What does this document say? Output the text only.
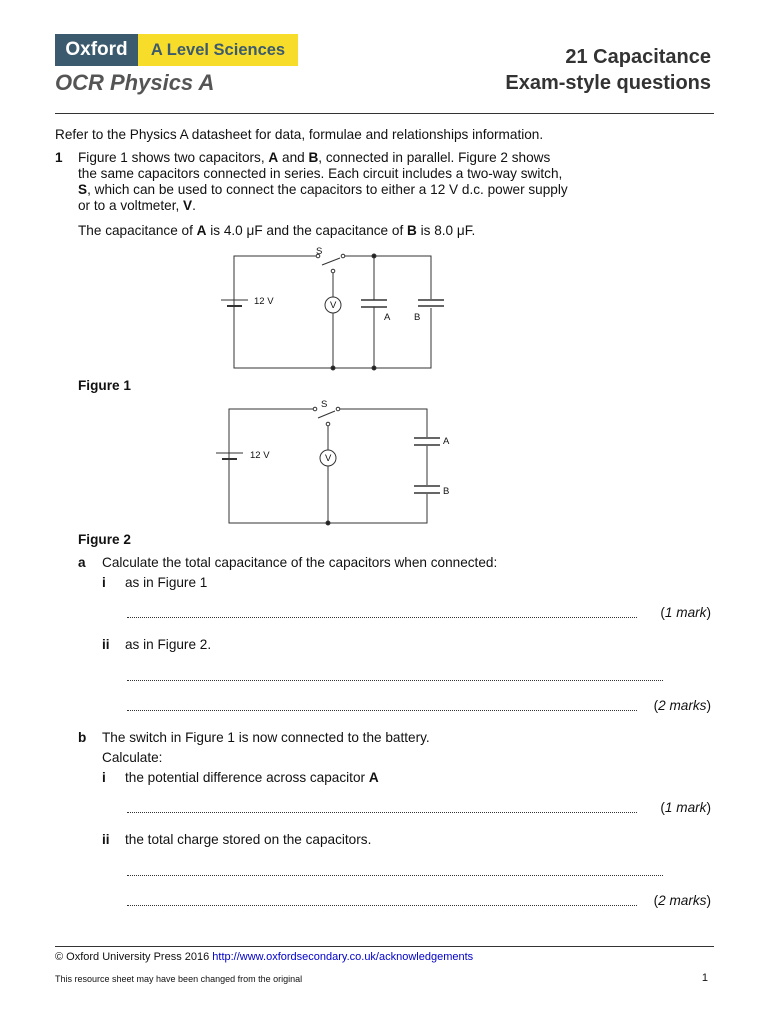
Oxford	A Level Sciences
OCR Physics A
21 Capacitance
Exam-style questions
Refer to the Physics A datasheet for data, formulae and relationships information.
1 Figure 1 shows two capacitors, A and B, connected in parallel. Figure 2 shows
the same capacitors connected in series. Each circuit includes a two-way switch,
S, which can be used to connect the capacitors to either a 12 V d.c. power supply
or to a voltmeter, V.
The capacitance of A is 4.0 μF and the capacitance of B is 8.0 μF.
S
12 V	V
A B
Figure 1
S
12 V	V
A
B
Figure 2
a Calculate the total capacitance of the capacitors when connected:
i as in Figure 1
(1 mark)
ii as in Figure 2.
(2 marks)
b The switch in Figure 1 is now connected to the battery.
Calculate:
i the potential difference across capacitor A
(1 mark)
ii the total charge stored on the capacitors.
(2 marks)
© Oxford University Press 2016 http://www.oxfordsecondary.co.uk/acknowledgements
This resource sheet may have been changed from the original	1
